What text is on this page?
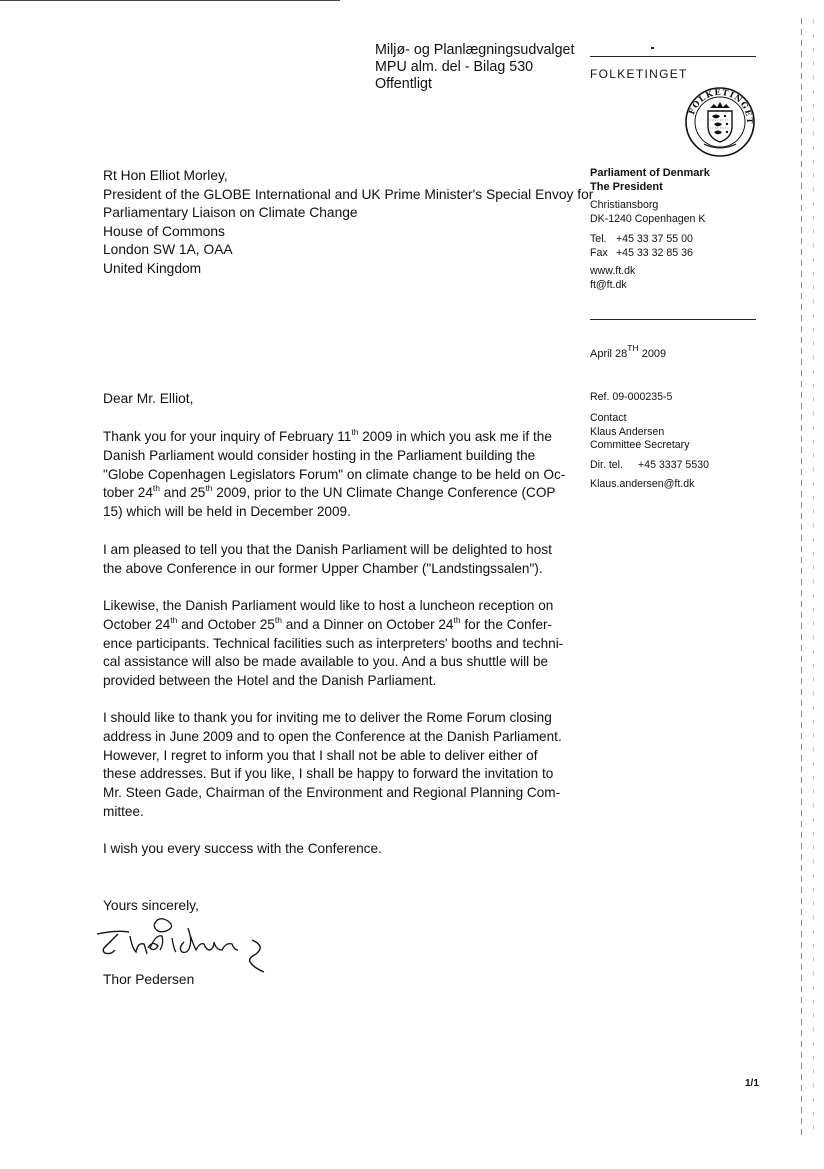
Miljø- og Planlægningsudvalget
MPU alm. del - Bilag 530
Offentligt
FOLKETINGET
FOLKETINGET
Parliament of Denmark
The President
Christiansborg
DK-1240 Copenhagen K
Tel. +45 33 37 55 00
Fax +45 33 32 85 36
www.ft.dk
ft@ft.dk
April 28TH 2009
Ref. 09-000235-5
Contact
Klaus Andersen
Committee Secretary
Dir. tel. +45 3337 5530
Klaus.andersen@ft.dk
Rt Hon Elliot Morley,
President of the GLOBE International and UK Prime Minister's Special Envoy for
Parliamentary Liaison on Climate Change
House of Commons
London SW 1A, OAA
United Kingdom
Dear Mr. Elliot,
Thank you for your inquiry of February 11th 2009 in which you ask me if the
Danish Parliament would consider hosting in the Parliament building the
"Globe Copenhagen Legislators Forum" on climate change to be held on Oc-
tober 24th and 25th 2009, prior to the UN Climate Change Conference (COP
15) which will be held in December 2009.
I am pleased to tell you that the Danish Parliament will be delighted to host
the above Conference in our former Upper Chamber ("Landstingssalen").
Likewise, the Danish Parliament would like to host a luncheon reception on
October 24th and October 25th and a Dinner on October 24th for the Confer-
ence participants. Technical facilities such as interpreters' booths and techni-
cal assistance will also be made available to you. And a bus shuttle will be
provided between the Hotel and the Danish Parliament.
I should like to thank you for inviting me to deliver the Rome Forum closing
address in June 2009 and to open the Conference at the Danish Parliament.
However, I regret to inform you that I shall not be able to deliver either of
these addresses. But if you like, I shall be happy to forward the invitation to
Mr. Steen Gade, Chairman of the Environment and Regional Planning Com-
mittee.
I wish you every success with the Conference.
Yours sincerely,
Thor Pedersen
1/1
